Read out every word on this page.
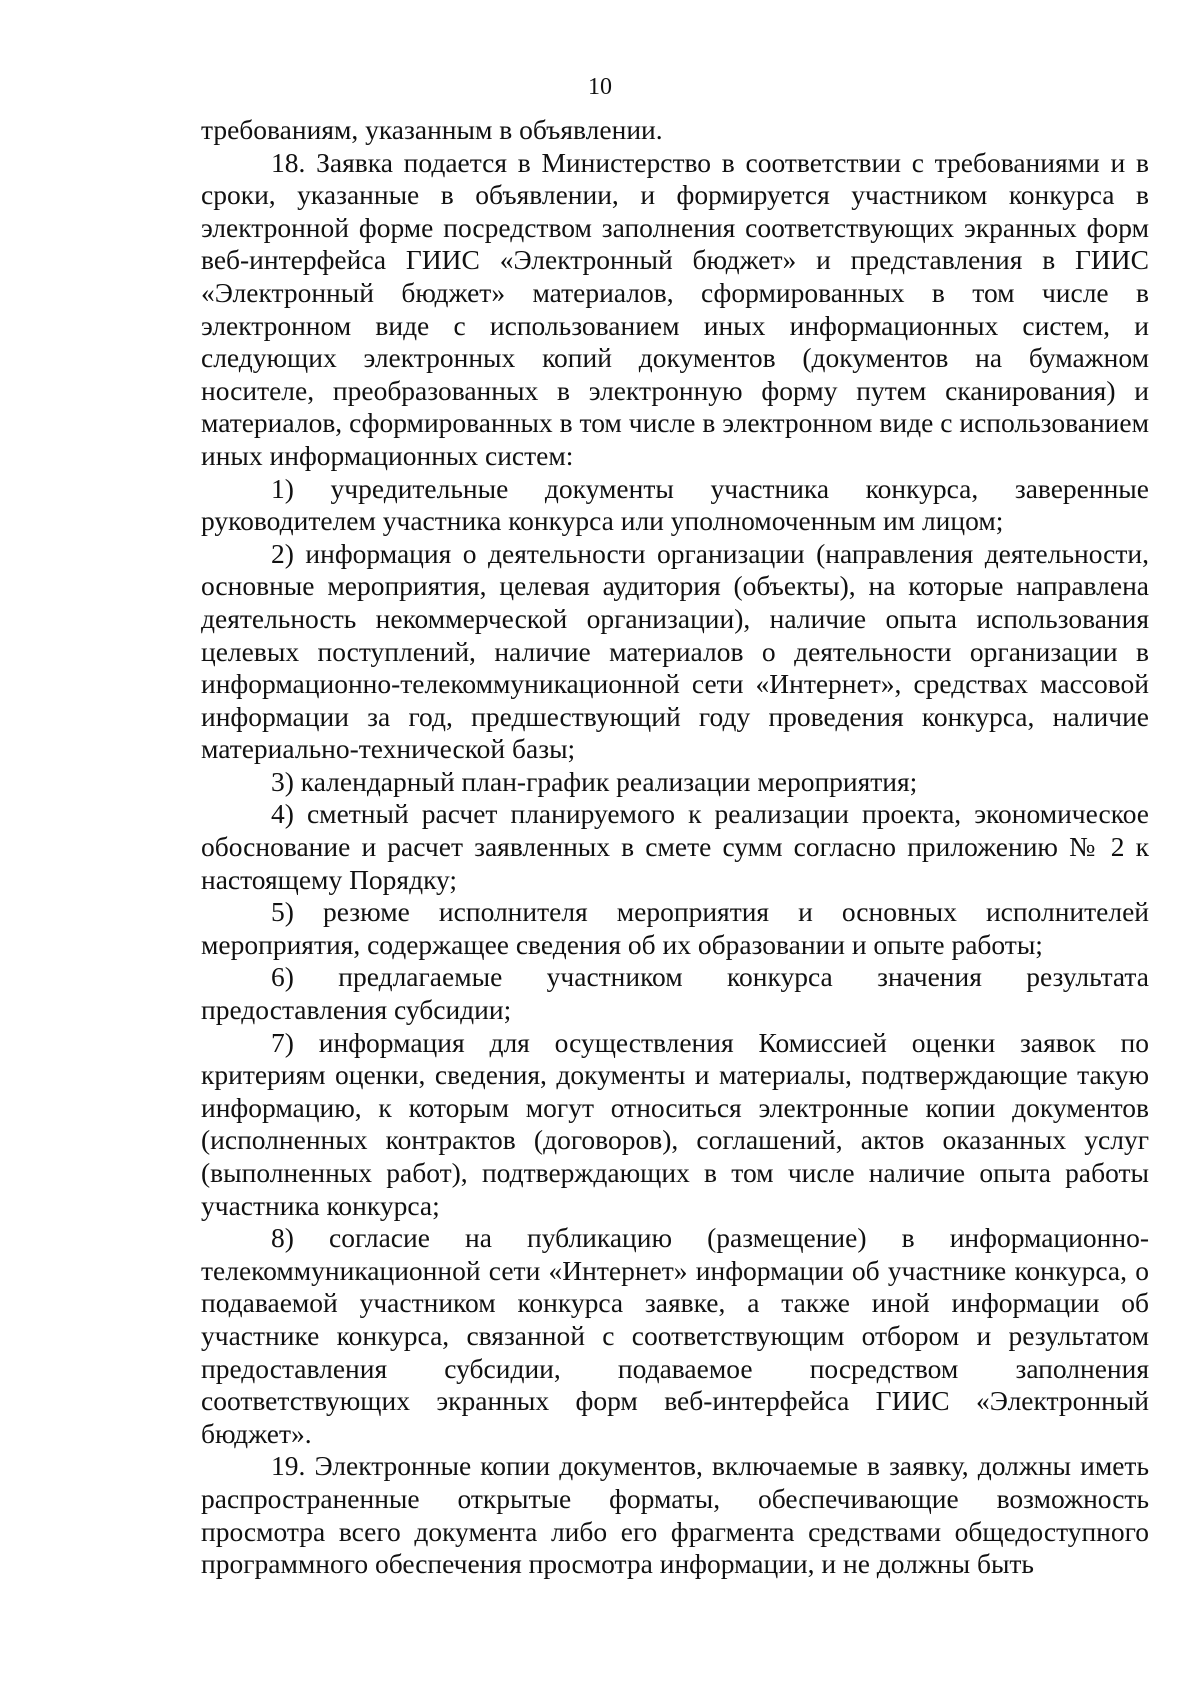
10

требованиям, указанным в объявлении.

18. Заявка подается в Министерство в соответствии с требованиями и в сроки, указанные в объявлении, и формируется участником конкурса в электронной форме посредством заполнения соответствующих экранных форм веб-интерфейса ГИИС «Электронный бюджет» и представления в ГИИС «Электронный бюджет» материалов, сформированных в том числе в электронном виде с использованием иных информационных систем, и следующих электронных копий документов (документов на бумажном носителе, преобразованных в электронную форму путем сканирования) и материалов, сформированных в том числе в электронном виде с использованием иных информационных систем:

1) учредительные документы участника конкурса, заверенные руководителем участника конкурса или уполномоченным им лицом;

2) информация о деятельности организации (направления деятельности, основные мероприятия, целевая аудитория (объекты), на которые направлена деятельность некоммерческой организации), наличие опыта использования целевых поступлений, наличие материалов о деятельности организации в информационно-телекоммуникационной сети «Интернет», средствах массовой информации за год, предшествующий году проведения конкурса, наличие материально-технической базы;

3) календарный план-график реализации мероприятия;

4) сметный расчет планируемого к реализации проекта, экономическое обоснование и расчет заявленных в смете сумм согласно приложению № 2 к настоящему Порядку;

5) резюме исполнителя мероприятия и основных исполнителей мероприятия, содержащее сведения об их образовании и опыте работы;

6) предлагаемые участником конкурса значения результата предоставления субсидии;

7) информация для осуществления Комиссией оценки заявок по критериям оценки, сведения, документы и материалы, подтверждающие такую информацию, к которым могут относиться электронные копии документов (исполненных контрактов (договоров), соглашений, актов оказанных услуг (выполненных работ), подтверждающих в том числе наличие опыта работы участника конкурса;

8) согласие на публикацию (размещение) в информационно-телекоммуникационной сети «Интернет» информации об участнике конкурса, о подаваемой участником конкурса заявке, а также иной информации об участнике конкурса, связанной с соответствующим отбором и результатом предоставления субсидии, подаваемое посредством заполнения соответствующих экранных форм веб-интерфейса ГИИС «Электронный бюджет».

19. Электронные копии документов, включаемые в заявку, должны иметь распространенные открытые форматы, обеспечивающие возможность просмотра всего документа либо его фрагмента средствами общедоступного программного обеспечения просмотра информации, и не должны быть
